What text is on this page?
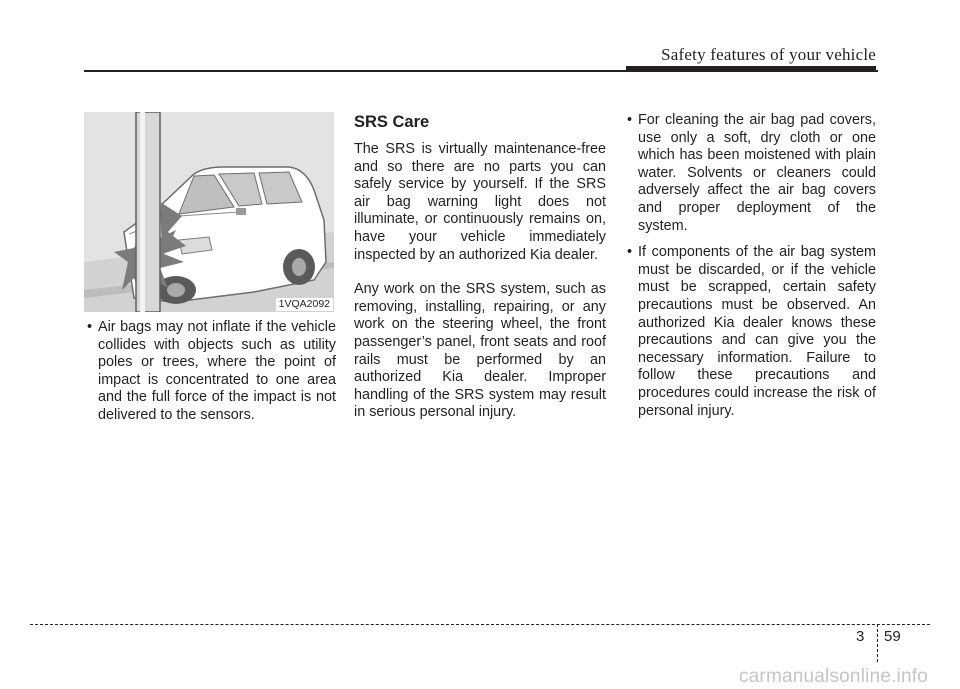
Safety features of your vehicle
1VQA2092
• Air bags may not inflate if the vehicle collides with objects such as utility poles or trees, where the point of impact is concentrated to one area and the full force of the impact is not delivered to the sensors.
SRS Care

The SRS is virtually maintenance-free and so there are no parts you can safely service by yourself. If the SRS air bag warning light does not illuminate, or continuously remains on, have your vehicle immediately inspected by an authorized Kia dealer.

Any work on the SRS system, such as removing, installing, repairing, or any work on the steering wheel, the front passenger’s panel, front seats and roof rails must be performed by an authorized Kia dealer. Improper handling of the SRS system may result in serious personal injury.

• For cleaning the air bag pad covers, use only a soft, dry cloth or one which has been moistened with plain water. Solvents or cleaners could adversely affect the air bag covers and proper deployment of the system.
• If components of the air bag system must be discarded, or if the vehicle must be scrapped, certain safety precautions must be observed. An authorized Kia dealer knows these precautions and can give you the necessary information. Failure to follow these precautions and procedures could increase the risk of personal injury.
3 59
carmanualsonline.info
